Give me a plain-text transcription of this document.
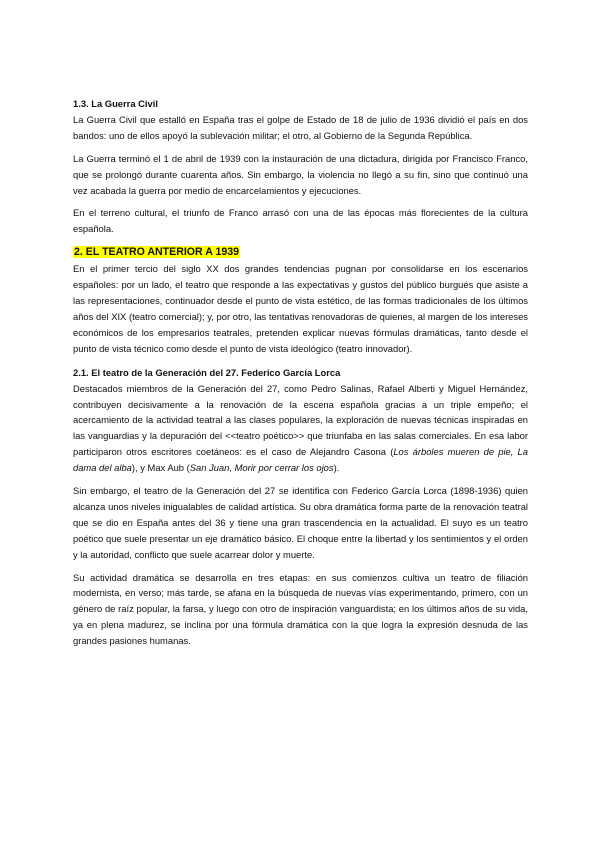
1.3. La Guerra Civil

La Guerra Civil que estalló en España tras el golpe de Estado de 18 de julio de 1936 dividió el país en dos bandos: uno de ellos apoyó la sublevación militar; el otro, al Gobierno de la Segunda República.

La Guerra terminó el 1 de abril de 1939 con la instauración de una dictadura, dirigida por Francisco Franco, que se prolongó durante cuarenta años. Sin embargo, la violencia no llegó a su fin, sino que continuó una vez acabada la guerra por medio de encarcelamientos y ejecuciones.

En el terreno cultural, el triunfo de Franco arrasó con una de las épocas más florecientes de la cultura española.

2. EL TEATRO ANTERIOR A 1939

En el primer tercio del siglo XX dos grandes tendencias pugnan por consolidarse en los escenarios españoles: por un lado, el teatro que responde a las expectativas y gustos del público burgués que asiste a las representaciones, continuador desde el punto de vista estético, de las formas tradicionales de los últimos años del XIX (teatro comercial); y, por otro, las tentativas renovadoras de quienes, al margen de los intereses económicos de los empresarios teatrales, pretenden explicar nuevas fórmulas dramáticas, tanto desde el punto de vista técnico como desde el punto de vista ideológico (teatro innovador).

2.1. El teatro de la Generación del 27. Federico García Lorca

Destacados miembros de la Generación del 27, como Pedro Salinas, Rafael Alberti y Miguel Hernández, contribuyen decisivamente a la renovación de la escena española gracias a un triple empeño; el acercamiento de la actividad teatral a las clases populares, la exploración de nuevas técnicas inspiradas en las vanguardias y la depuración del <<teatro poético>> que triunfaba en las salas comerciales. En esa labor participaron otros escritores coetáneos: es el caso de Alejandro Casona (Los árboles mueren de pie, La dama del alba), y Max Aub (San Juan, Morir por cerrar los ojos).

Sin embargo, el teatro de la Generación del 27 se identifica con Federico García Lorca (1898-1936) quien alcanza unos niveles inigualables de calidad artística. Su obra dramática forma parte de la renovación teatral que se dio en España antes del 36 y tiene una gran trascendencia en la actualidad. El suyo es un teatro poético que suele presentar un eje dramático básico. El choque entre la libertad y los sentimientos y el orden y la autoridad, conflicto que suele acarrear dolor y muerte.

Su actividad dramática se desarrolla en tres etapas: en sus comienzos cultiva un teatro de filiación modernista, en verso; más tarde, se afana en la búsqueda de nuevas vías experimentando, primero, con un género de raíz popular, la farsa, y luego con otro de inspiración vanguardista; en los últimos años de su vida, ya en plena madurez, se inclina por una fórmula dramática con la que logra la expresión desnuda de las grandes pasiones humanas.
